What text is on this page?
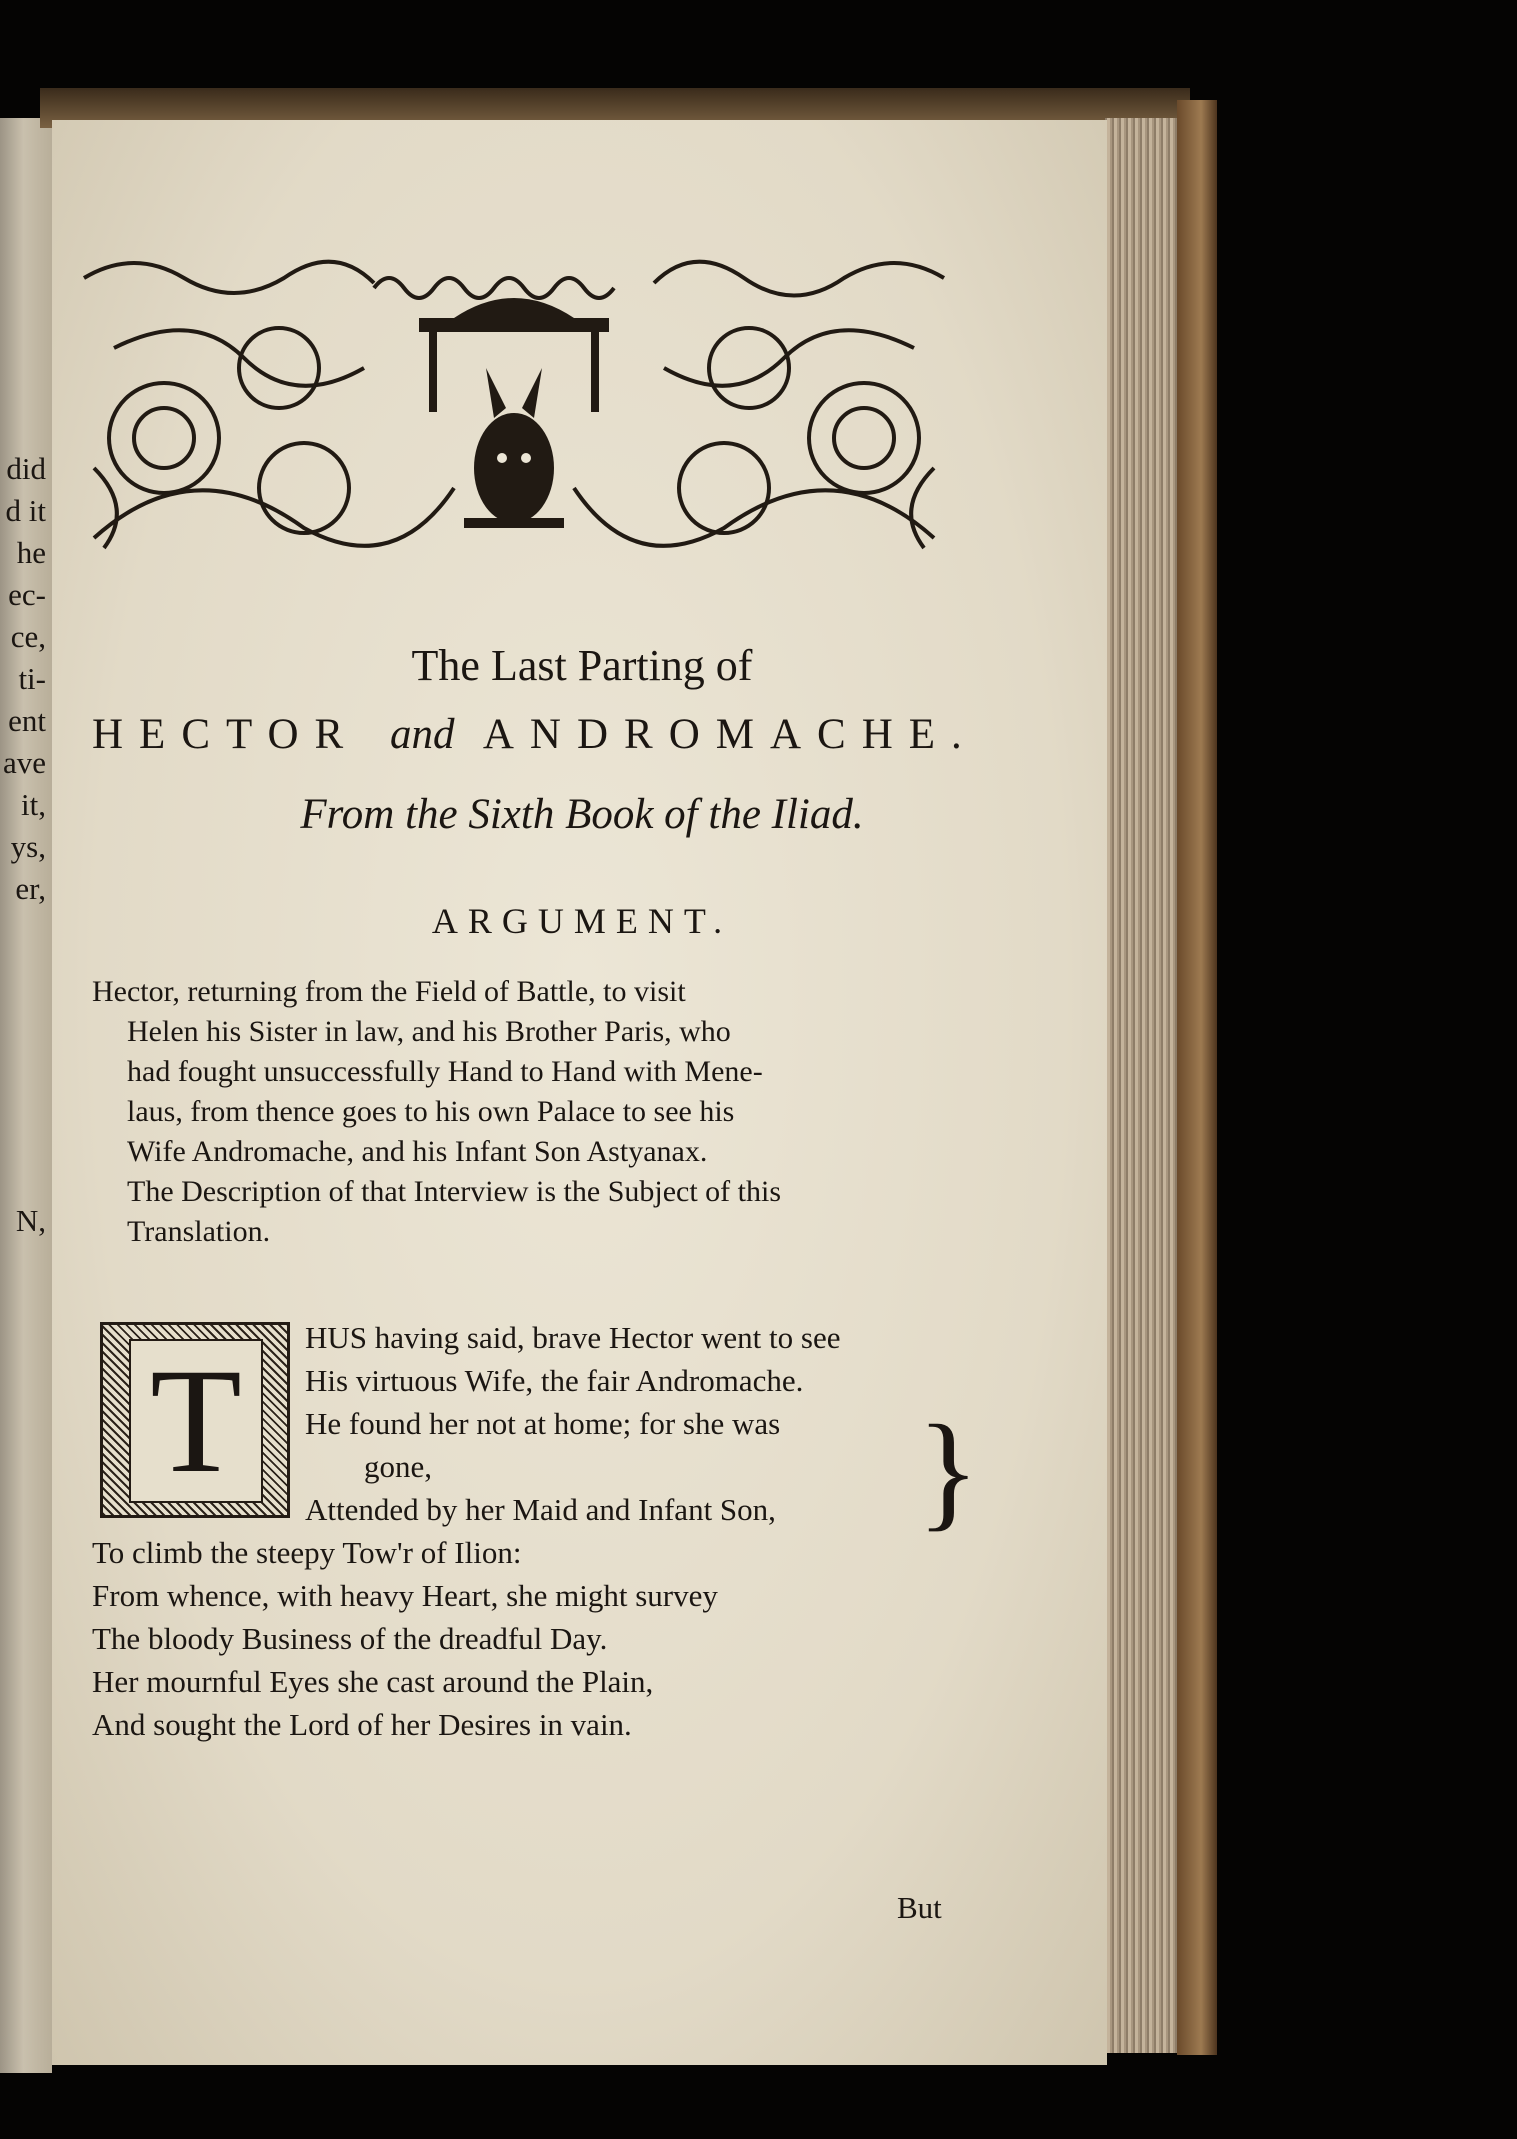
did
d it
he
ec-
ce,
ti-
ent
ave
it,
ys,
er,
N,
The Last Parting of
HECTOR and ANDROMACHE.
From the Sixth Book of the Iliad.
ARGUMENT.
Hector, returning from the Field of Battle, to visit
Helen his Sister in law, and his Brother Paris, who
had fought unsuccessfully Hand to Hand with Mene-
laus, from thence goes to his own Palace to see his
Wife Andromache, and his Infant Son Astyanax.
The Description of that Interview is the Subject of this
Translation.
T
HUS having said, brave Hector went to see
His virtuous Wife, the fair Andromache.
He found her not at home; for she was
gone,
Attended by her Maid and Infant Son,
To climb the steepy Tow'r of Ilion:
From whence, with heavy Heart, she might survey
The bloody Business of the dreadful Day.
Her mournful Eyes she cast around the Plain,
And sought the Lord of her Desires in vain.
}
But
